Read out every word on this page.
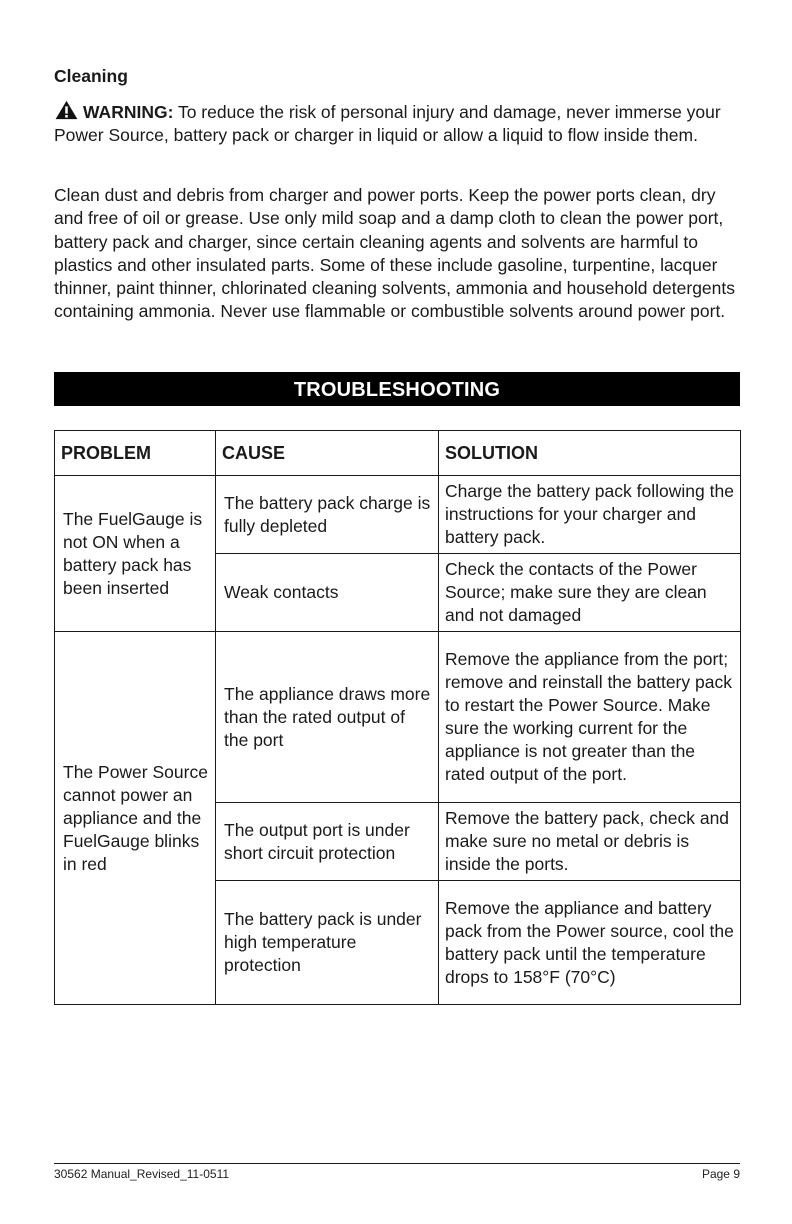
Cleaning

WARNING: To reduce the risk of personal injury and damage, never immerse your Power Source, battery pack or charger in liquid or allow a liquid to flow inside them.

Clean dust and debris from charger and power ports. Keep the power ports clean, dry and free of oil or grease. Use only mild soap and a damp cloth to clean the power port, battery pack and charger, since certain cleaning agents and solvents are harmful to plastics and other insulated parts. Some of these include gasoline, turpentine, lacquer thinner, paint thinner, chlorinated cleaning solvents, ammonia and household detergents containing ammonia. Never use flammable or combustible solvents around power port.

TROUBLESHOOTING
PROBLEM	CAUSE	SOLUTION
The FuelGauge is not ON when a battery pack has been inserted	The battery pack charge is fully depleted	Charge the battery pack following the instructions for your charger and battery pack.
	Weak contacts	Check the contacts of the Power Source; make sure they are clean and not damaged
The Power Source cannot power an appliance and the FuelGauge blinks in red	The appliance draws more than the rated output of the port	Remove the appliance from the port; remove and reinstall the battery pack to restart the Power Source. Make sure the working current for the appliance is not greater than the rated output of the port.
	The output port is under short circuit protection	Remove the battery pack, check and make sure no metal or debris is inside the ports.
	The battery pack is under high temperature protection	Remove the appliance and battery pack from the Power source, cool the battery pack until the temperature drops to 158°F (70°C)
30562 Manual_Revised_11-0511	Page 9
